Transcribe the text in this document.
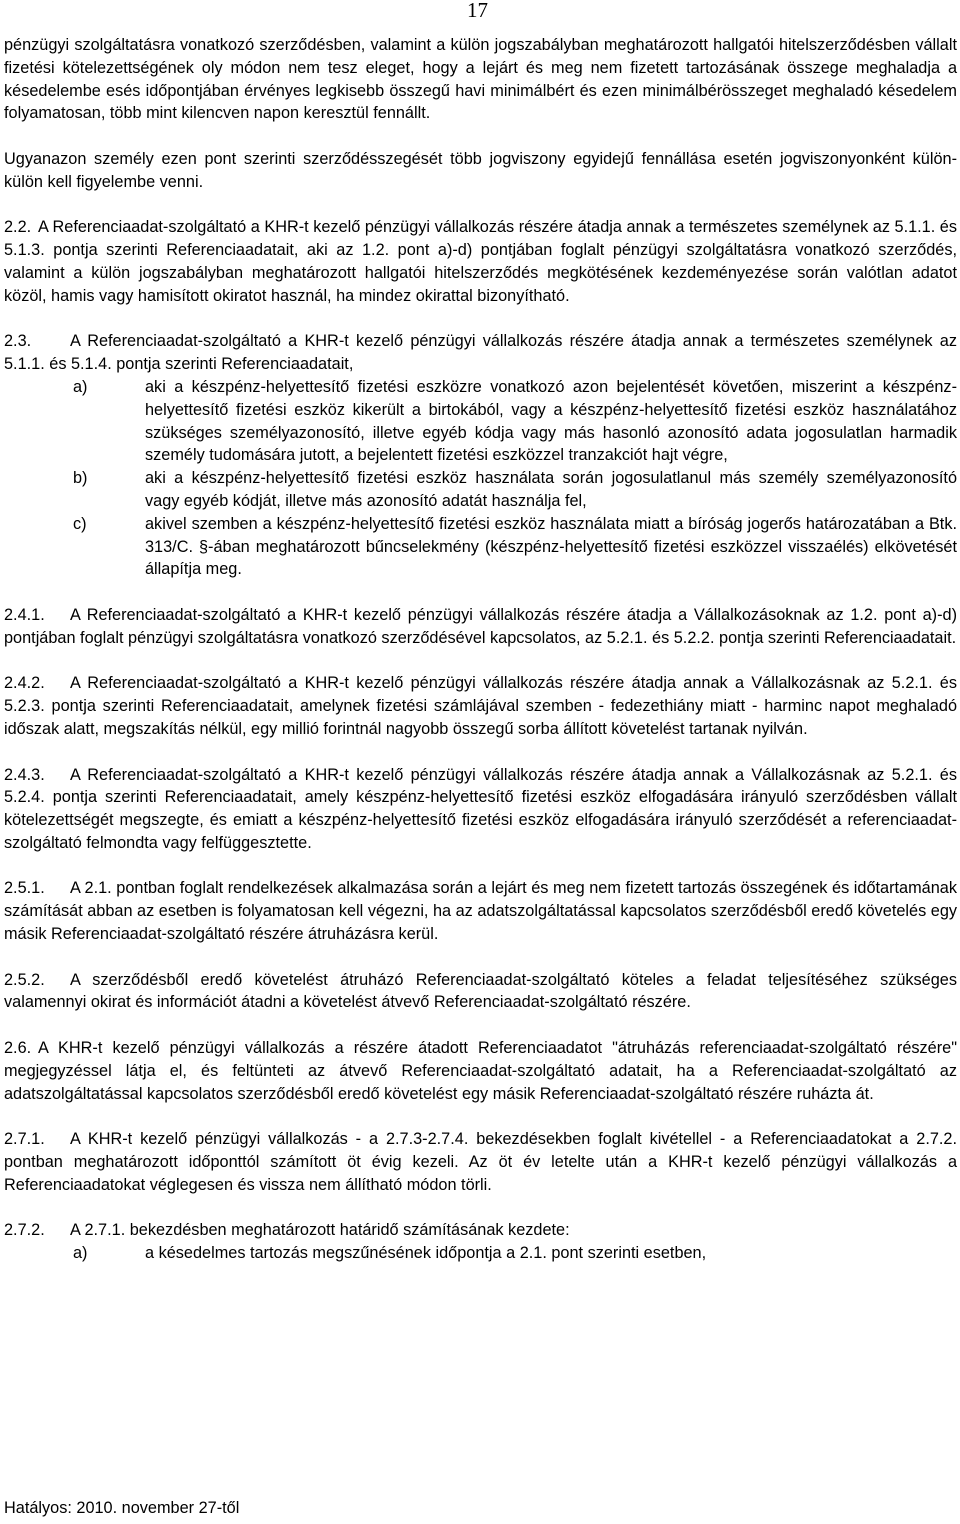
17

pénzügyi szolgáltatásra vonatkozó szerződésben, valamint a külön jogszabályban meghatározott hallgatói hitelszerződésben vállalt fizetési kötelezettségének oly módon nem tesz eleget, hogy a lejárt és meg nem fizetett tartozásának összege meghaladja a késedelembe esés időpontjában érvényes legkisebb összegű havi minimálbért és ezen minimálbérösszeget meghaladó késedelem folyamatosan, több mint kilencven napon keresztül fennállt.

Ugyanazon személy ezen pont szerinti szerződésszegését több jogviszony egyidejű fennállása esetén jogviszonyonként külön-külön kell figyelembe venni.

2.2. A Referenciaadat-szolgáltató a KHR-t kezelő pénzügyi vállalkozás részére átadja annak a természetes személynek az 5.1.1. és 5.1.3. pontja szerinti Referenciaadatait, aki az 1.2. pont a)-d) pontjában foglalt pénzügyi szolgáltatásra vonatkozó szerződés, valamint a külön jogszabályban meghatározott hallgatói hitelszerződés megkötésének kezdeményezése során valótlan adatot közöl, hamis vagy hamisított okiratot használ, ha mindez okirattal bizonyítható.

2.3. A Referenciaadat-szolgáltató a KHR-t kezelő pénzügyi vállalkozás részére átadja annak a természetes személynek az 5.1.1. és 5.1.4. pontja szerinti Referenciaadatait,

a)	aki a készpénz-helyettesítő fizetési eszközre vonatkozó azon bejelentését követően, miszerint a készpénz-helyettesítő fizetési eszköz kikerült a birtokából, vagy a készpénz-helyettesítő fizetési eszköz használatához szükséges személyazonosító, illetve egyéb kódja vagy más hasonló azonosító adata jogosulatlan harmadik személy tudomására jutott, a bejelentett fizetési eszközzel tranzakciót hajt végre,
b)	aki a készpénz-helyettesítő fizetési eszköz használata során jogosulatlanul más személy személyazonosító vagy egyéb kódját, illetve más azonosító adatát használja fel,
c)	akivel szemben a készpénz-helyettesítő fizetési eszköz használata miatt a bíróság jogerős határozatában a Btk. 313/C. §-ában meghatározott bűncselekmény (készpénz-helyettesítő fizetési eszközzel visszaélés) elkövetését állapítja meg.

2.4.1. A Referenciaadat-szolgáltató a KHR-t kezelő pénzügyi vállalkozás részére átadja a Vállalkozásoknak az 1.2. pont a)-d) pontjában foglalt pénzügyi szolgáltatásra vonatkozó szerződésével kapcsolatos, az 5.2.1. és 5.2.2. pontja szerinti Referenciaadatait.

2.4.2. A Referenciaadat-szolgáltató a KHR-t kezelő pénzügyi vállalkozás részére átadja annak a Vállalkozásnak az 5.2.1. és 5.2.3. pontja szerinti Referenciaadatait, amelynek fizetési számlájával szemben - fedezethiány miatt - harminc napot meghaladó időszak alatt, megszakítás nélkül, egy millió forintnál nagyobb összegű sorba állított követelést tartanak nyilván.

2.4.3. A Referenciaadat-szolgáltató a KHR-t kezelő pénzügyi vállalkozás részére átadja annak a Vállalkozásnak az 5.2.1. és 5.2.4. pontja szerinti Referenciaadatait, amely készpénz-helyettesítő fizetési eszköz elfogadására irányuló szerződésben vállalt kötelezettségét megszegte, és emiatt a készpénz-helyettesítő fizetési eszköz elfogadására irányuló szerződését a referenciaadat-szolgáltató felmondta vagy felfüggesztette.

2.5.1. A 2.1. pontban foglalt rendelkezések alkalmazása során a lejárt és meg nem fizetett tartozás összegének és időtartamának számítását abban az esetben is folyamatosan kell végezni, ha az adatszolgáltatással kapcsolatos szerződésből eredő követelés egy másik Referenciaadat-szolgáltató részére átruházásra kerül.

2.5.2. A szerződésből eredő követelést átruházó Referenciaadat-szolgáltató köteles a feladat teljesítéséhez szükséges valamennyi okirat és információt átadni a követelést átvevő Referenciaadat-szolgáltató részére.

2.6. A KHR-t kezelő pénzügyi vállalkozás a részére átadott Referenciaadatot "átruházás referenciaadat-szolgáltató részére" megjegyzéssel látja el, és feltünteti az átvevő Referenciaadat-szolgáltató adatait, ha a Referenciaadat-szolgáltató az adatszolgáltatással kapcsolatos szerződésből eredő követelést egy másik Referenciaadat-szolgáltató részére ruházta át.

2.7.1. A KHR-t kezelő pénzügyi vállalkozás - a 2.7.3-2.7.4. bekezdésekben foglalt kivétellel - a Referenciaadatokat a 2.7.2. pontban meghatározott időponttól számított öt évig kezeli. Az öt év letelte után a KHR-t kezelő pénzügyi vállalkozás a Referenciaadatokat véglegesen és vissza nem állítható módon törli.

2.7.2. A 2.7.1. bekezdésben meghatározott határidő számításának kezdete:

a)	a késedelmes tartozás megszűnésének időpontja a 2.1. pont szerinti esetben,
Hatályos: 2010. november 27-től
